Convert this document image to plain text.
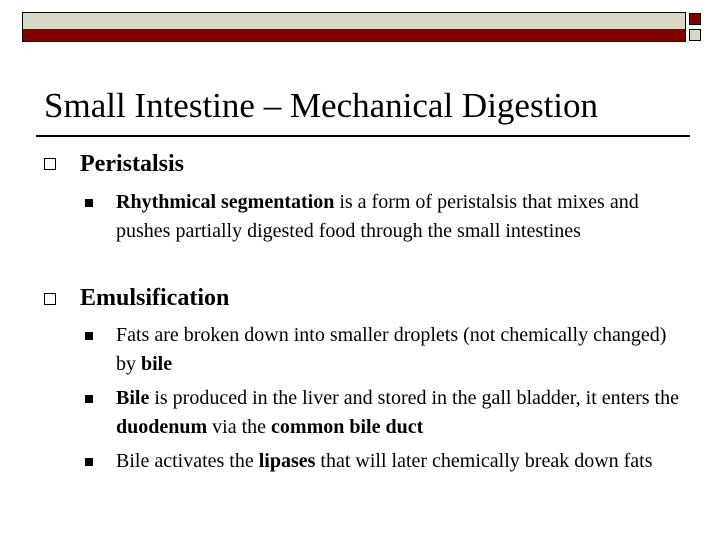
Small Intestine – Mechanical Digestion
Peristalsis
Rhythmical segmentation is a form of peristalsis that mixes and pushes partially digested food through the small intestines
Emulsification
Fats are broken down into smaller droplets (not chemically changed) by bile
Bile is produced in the liver and stored in the gall bladder, it enters the duodenum via the common bile duct
Bile activates the lipases that will later chemically break down fats
